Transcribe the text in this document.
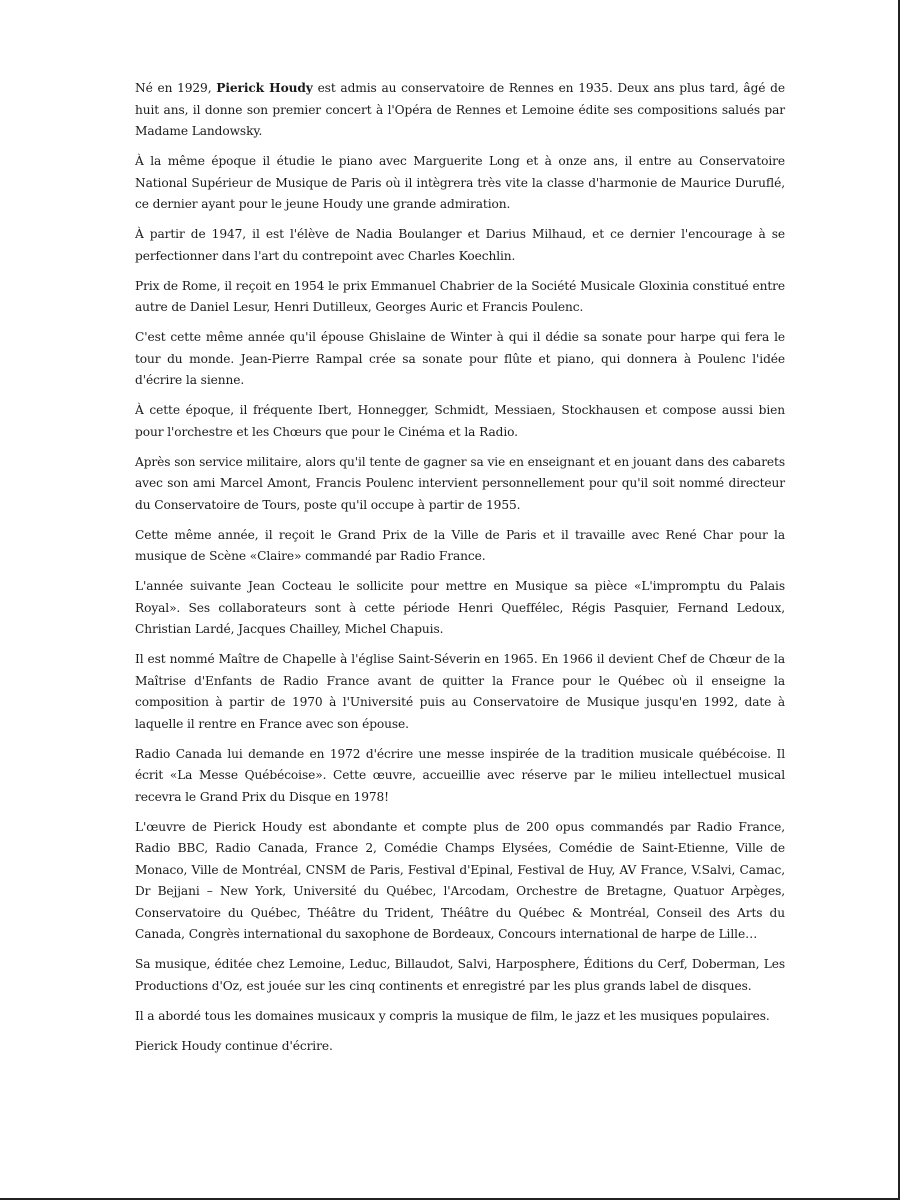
Né en 1929, Pierick Houdy est admis au conservatoire de Rennes en 1935. Deux ans plus tard, âgé de huit ans, il donne son premier concert à l'Opéra de Rennes et Lemoine édite ses compositions salués par Madame Landowsky.

À la même époque il étudie le piano avec Marguerite Long et à onze ans, il entre au Conservatoire National Supérieur de Musique de Paris où il intègrera très vite la classe d'harmonie de Maurice Duruflé, ce dernier ayant pour le jeune Houdy une grande admiration.

À partir de 1947, il est l'élève de Nadia Boulanger et Darius Milhaud, et ce dernier l'encourage à se perfectionner dans l'art du contrepoint avec Charles Koechlin.

Prix de Rome, il reçoit en 1954 le prix Emmanuel Chabrier de la Société Musicale Gloxinia constitué entre autre de Daniel Lesur, Henri Dutilleux, Georges Auric et Francis Poulenc.

C'est cette même année qu'il épouse Ghislaine de Winter à qui il dédie sa sonate pour harpe qui fera le tour du monde. Jean-Pierre Rampal crée sa sonate pour flûte et piano, qui donnera à Poulenc l'idée d'écrire la sienne.

À cette époque, il fréquente Ibert, Honnegger, Schmidt, Messiaen, Stockhausen et compose aussi bien pour l'orchestre et les Chœurs que pour le Cinéma et la Radio.

Après son service militaire, alors qu'il tente de gagner sa vie en enseignant et en jouant dans des cabarets avec son ami Marcel Amont, Francis Poulenc intervient personnellement pour qu'il soit nommé directeur du Conservatoire de Tours, poste qu'il occupe à partir de 1955.

Cette même année, il reçoit le Grand Prix de la Ville de Paris et il travaille avec René Char pour la musique de Scène «Claire» commandé par Radio France.

L'année suivante Jean Cocteau le sollicite pour mettre en Musique sa pièce «L'impromptu du Palais Royal». Ses collaborateurs sont à cette période Henri Queffélec, Régis Pasquier, Fernand Ledoux, Christian Lardé, Jacques Chailley, Michel Chapuis.

Il est nommé Maître de Chapelle à l'église Saint-Séverin en 1965. En 1966 il devient Chef de Chœur de la Maîtrise d'Enfants de Radio France avant de quitter la France pour le Québec où il enseigne la composition à partir de 1970 à l'Université puis au Conservatoire de Musique jusqu'en 1992, date à laquelle il rentre en France avec son épouse.

Radio Canada lui demande en 1972 d'écrire une messe inspirée de la tradition musicale québécoise. Il écrit «La Messe Québécoise». Cette œuvre, accueillie avec réserve par le milieu intellectuel musical recevra le Grand Prix du Disque en 1978!

L'œuvre de Pierick Houdy est abondante et compte plus de 200 opus commandés par Radio France, Radio BBC, Radio Canada, France 2, Comédie Champs Elysées, Comédie de Saint-Etienne, Ville de Monaco, Ville de Montréal, CNSM de Paris, Festival d'Epinal, Festival de Huy, AV France, V.Salvi, Camac, Dr Bejjani – New York, Université du Québec, l'Arcodam, Orchestre de Bretagne, Quatuor Arpèges, Conservatoire du Québec, Théâtre du Trident, Théâtre du Québec & Montréal, Conseil des Arts du Canada, Congrès international du saxophone de Bordeaux, Concours international de harpe de Lille…

Sa musique, éditée chez Lemoine, Leduc, Billaudot, Salvi, Harposphere, Éditions du Cerf, Doberman, Les Productions d'Oz, est jouée sur les cinq continents et enregistré par les plus grands label de disques.

Il a abordé tous les domaines musicaux y compris la musique de film, le jazz et les musiques populaires.

Pierick Houdy continue d'écrire.
